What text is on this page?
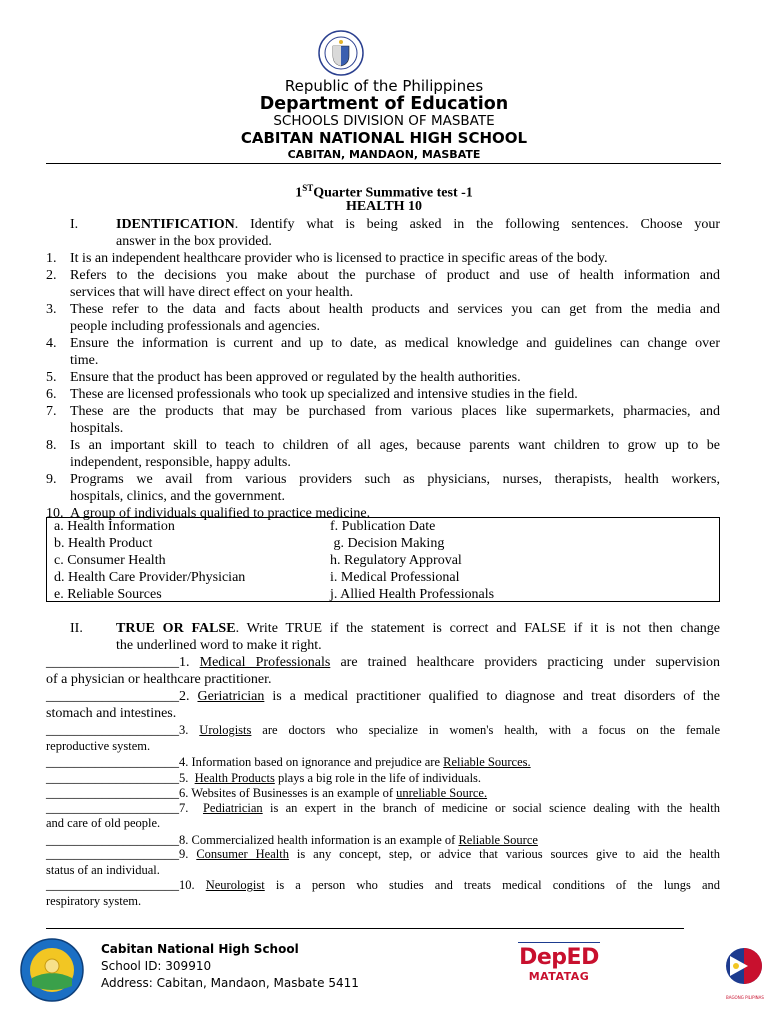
Republic of the Philippines
Department of Education
SCHOOLS DIVISION OF MASBATE
CABITAN NATIONAL HIGH SCHOOL
CABITAN, MANDAON, MASBATE
1STQuarter Summative test -1
HEALTH 10
I.	IDENTIFICATION. Identify what is being asked in the following sentences. Choose your
answer in the box provided.
1. It is an independent healthcare provider who is licensed to practice in specific areas of the body.
2. Refers to the decisions you make about the purchase of product and use of health information and
services that will have direct effect on your health.
3. These refer to the data and facts about health products and services you can get from the media and
people including professionals and agencies.
4. Ensure the information is current and up to date, as medical knowledge and guidelines can change over
time.
5. Ensure that the product has been approved or regulated by the health authorities.
6. These are licensed professionals who took up specialized and intensive studies in the field.
7. These are the products that may be purchased from various places like supermarkets, pharmacies, and
hospitals.
8. Is an important skill to teach to children of all ages, because parents want children to grow up to be
independent, responsible, happy adults.
9. Programs we avail from various providers such as physicians, nurses, therapists, health workers,
hospitals, clinics, and the government.
10. A group of individuals qualified to practice medicine.
a. Health Information
b. Health Product
c. Consumer Health
d. Health Care Provider/Physician
e. Reliable Sources
f. Publication Date
g. Decision Making
h. Regulatory Approval
i. Medical Professional
j. Allied Health Professionals
II. TRUE OR FALSE. Write TRUE if the statement is correct and FALSE if it is not then change
the underlined word to make it right.
___________________1. Medical Professionals are trained healthcare providers practicing under supervision
of a physician or healthcare practitioner.
___________________2. Geriatrician is a medical practitioner qualified to diagnose and treat disorders of the
stomach and intestines.
___________________3. Urologists are doctors who specialize in women's health, with a focus on the female
reproductive system.
___________________4. Information based on ignorance and prejudice are Reliable Sources.
___________________5. Health Products plays a big role in the life of individuals.
___________________6. Websites of Businesses is an example of unreliable Source.
___________________7. Pediatrician is an expert in the branch of medicine or social science dealing with the health
and care of old people.
___________________8. Commercialized health information is an example of Reliable Source
___________________9. Consumer Health is any concept, step, or advice that various sources give to aid the health
status of an individual.
___________________10. Neurologist is a person who studies and treats medical conditions of the lungs and
respiratory system.
Cabitan National High School
School ID: 309910
Address: Cabitan, Mandaon, Masbate 5411
DepED
MATATAG
BAGONG PILIPINAS
